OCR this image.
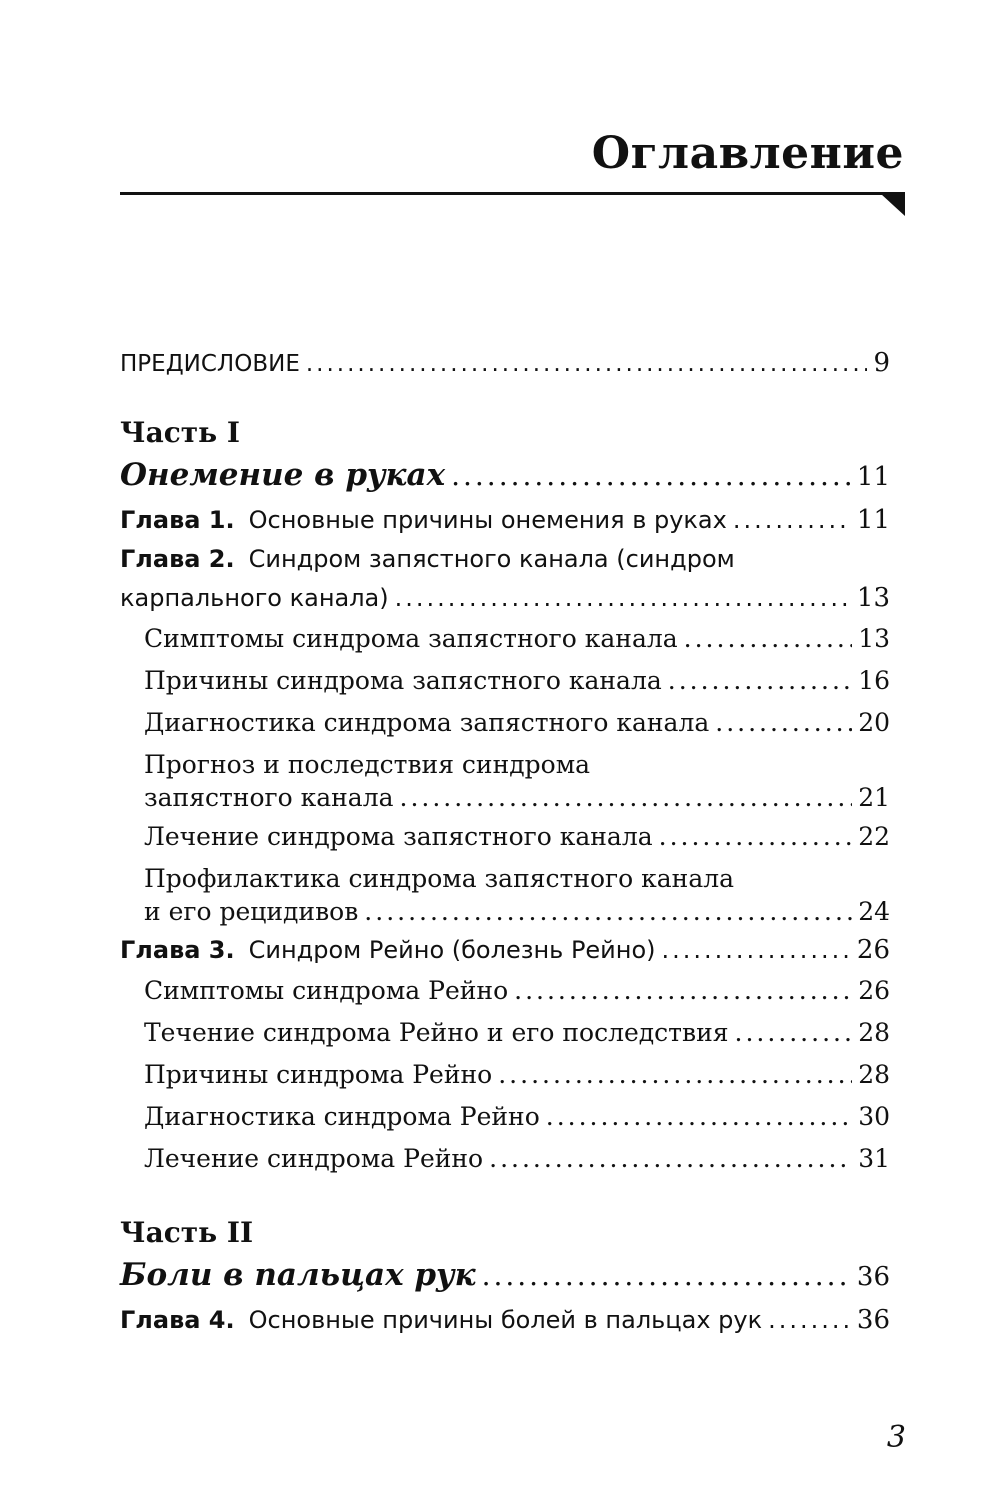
Оглавление
ПРЕДИСЛОВИЕ .....	9
Часть I
Онемение в руках .....	11
Глава 1. Основные причины онемения в руках .....	11
Глава 2. Синдром запястного канала (синдром
карпального канала) .....	13
Симптомы синдрома запястного канала .....	13
Причины синдрома запястного канала .....	16
Диагностика синдрома запястного канала .....	20
Прогноз и последствия синдрома
запястного канала .....	21
Лечение синдрома запястного канала .....	22
Профилактика синдрома запястного канала
и его рецидивов .....	24
Глава 3. Синдром Рейно (болезнь Рейно) .....	26
Симптомы синдрома Рейно .....	26
Течение синдрома Рейно и его последствия .....	28
Причины синдрома Рейно .....	28
Диагностика синдрома Рейно .....	30
Лечение синдрома Рейно .....	31
Часть II
Боли в пальцах рук .....	36
Глава 4. Основные причины болей в пальцах рук .....	36
3
